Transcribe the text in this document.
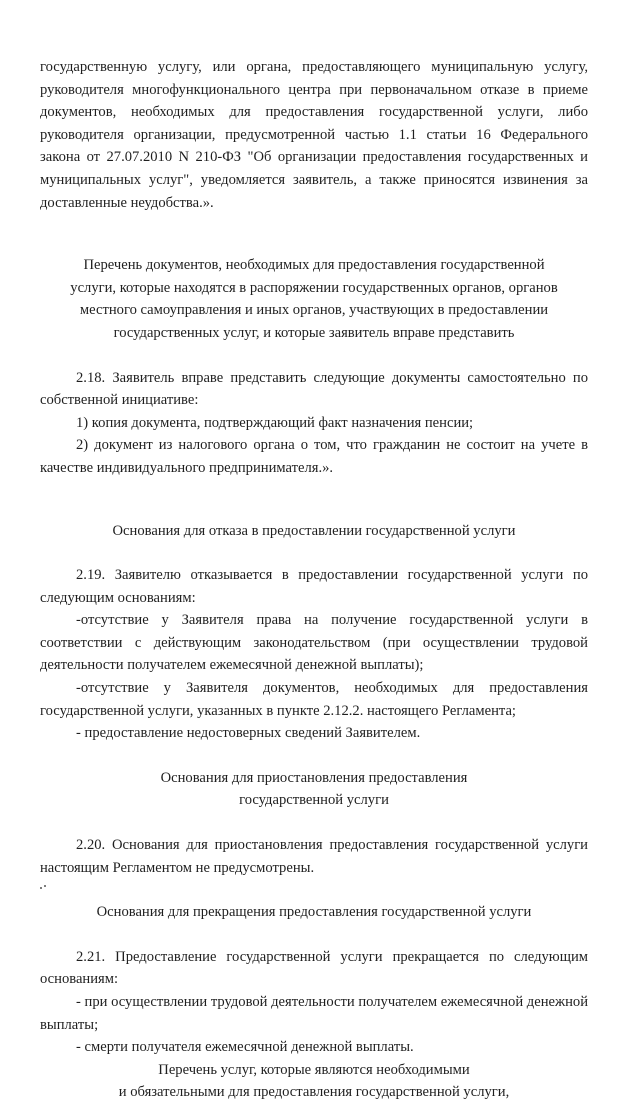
государственную услугу, или органа, предоставляющего муниципальную услугу, руководителя многофункционального центра при первоначальном отказе в приеме документов, необходимых для предоставления государственной услуги, либо руководителя организации, предусмотренной частью 1.1 статьи 16 Федерального закона от 27.07.2010 N 210-ФЗ "Об организации предоставления государственных и муниципальных услуг", уведомляется заявитель, а также приносятся извинения за доставленные неудобства.».

Перечень документов, необходимых для предоставления государственной услуги, которые находятся в распоряжении государственных органов, органов местного самоуправления и иных органов, участвующих в предоставлении государственных услуг, и которые заявитель вправе представить

2.18. Заявитель вправе представить следующие документы самостоятельно по собственной инициативе:

1) копия документа, подтверждающий факт назначения пенсии;

2) документ из налогового органа о том, что гражданин не состоит на учете в качестве индивидуального предпринимателя.».

Основания для отказа в предоставлении государственной услуги

2.19. Заявителю отказывается в предоставлении государственной услуги по следующим основаниям:

-отсутствие у Заявителя права на получение государственной услуги в соответствии с действующим законодательством (при осуществлении трудовой деятельности получателем ежемесячной денежной выплаты);

-отсутствие у Заявителя документов, необходимых для предоставления государственной услуги, указанных в пункте 2.12.2. настоящего Регламента;

- предоставление недостоверных сведений Заявителем.

Основания для приостановления предоставления

государственной услуги

2.20. Основания для приостановления предоставления государственной услуги настоящим Регламентом не предусмотрены.

Основания для прекращения предоставления государственной услуги

2.21. Предоставление государственной услуги прекращается по следующим основаниям:

- при осуществлении трудовой деятельности получателем ежемесячной денежной выплаты;

- смерти получателя ежемесячной денежной выплаты.

Перечень услуг, которые являются необходимыми

и обязательными для предоставления государственной услуги,
